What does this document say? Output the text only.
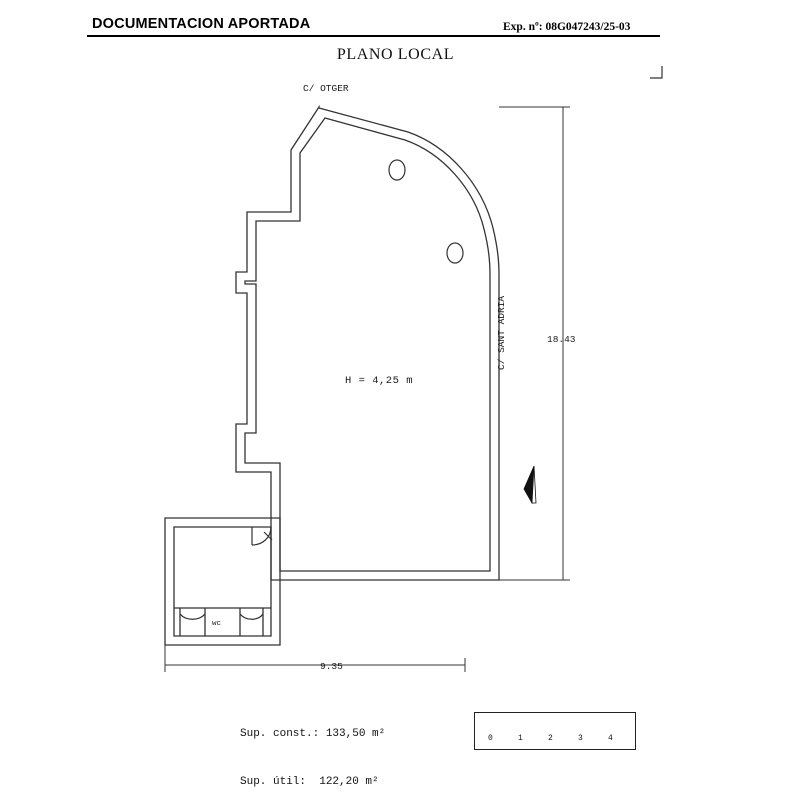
DOCUMENTACION APORTADA	Exp. nº: 08G047243/25-03
PLANO LOCAL
C/ OTGER
H = 4,25 m
wc
18.43
9.35
C/ SANT ADRIA

Sup. const.: 133,50 m²

Sup. útil:  122,20 m²

0	1	2	3	4
